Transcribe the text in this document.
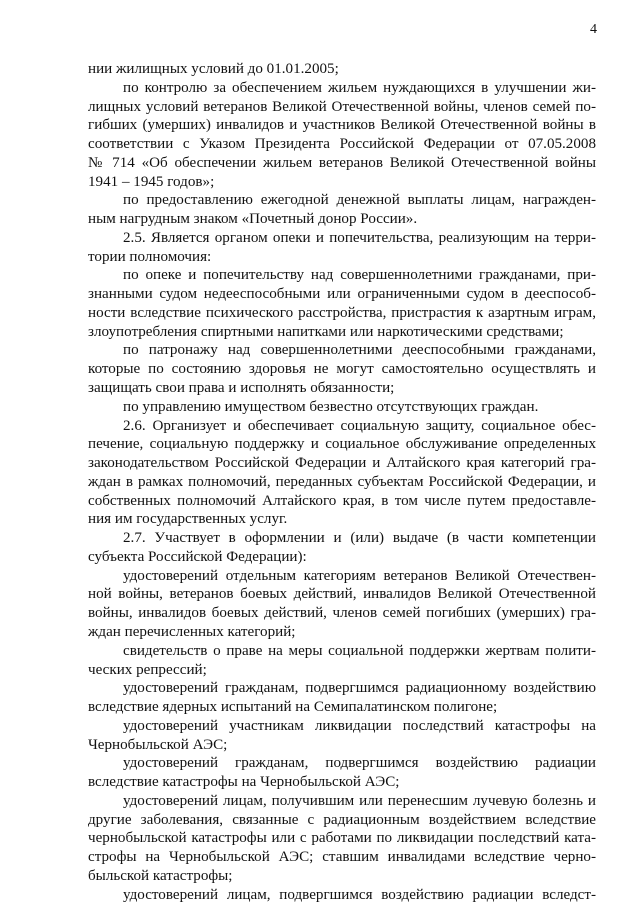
4
нии жилищных условий до 01.01.2005;
по контролю за обеспечением жильем нуждающихся в улучшении жи-
лищных условий ветеранов Великой Отечественной войны, членов семей по-
гибших (умерших) инвалидов и участников Великой Отечественной войны в
соответствии с Указом Президента Российской Федерации от 07.05.2008
№ 714 «Об обеспечении жильем ветеранов Великой Отечественной войны
1941 – 1945 годов»;
по предоставлению ежегодной денежной выплаты лицам, награжден-
ным нагрудным знаком «Почетный донор России».
2.5. Является органом опеки и попечительства, реализующим на терри-
тории полномочия:
по опеке и попечительству над совершеннолетними гражданами, при-
знанными судом недееспособными или ограниченными судом в дееспособ-
ности вследствие психического расстройства, пристрастия к азартным играм,
злоупотребления спиртными напитками или наркотическими средствами;
по патронажу над совершеннолетними дееспособными гражданами,
которые по состоянию здоровья не могут самостоятельно осуществлять и
защищать свои права и исполнять обязанности;
по управлению имуществом безвестно отсутствующих граждан.
2.6. Организует и обеспечивает социальную защиту, социальное обес-
печение, социальную поддержку и социальное обслуживание определенных
законодательством Российской Федерации и Алтайского края категорий гра-
ждан в рамках полномочий, переданных субъектам Российской Федерации, и
собственных полномочий Алтайского края, в том числе путем предоставле-
ния им государственных услуг.
2.7. Участвует в оформлении и (или) выдаче (в части компетенции
субъекта Российской Федерации):
удостоверений отдельным категориям ветеранов Великой Отечествен-
ной войны, ветеранов боевых действий, инвалидов Великой Отечественной
войны, инвалидов боевых действий, членов семей погибших (умерших) гра-
ждан перечисленных категорий;
свидетельств о праве на меры социальной поддержки жертвам полити-
ческих репрессий;
удостоверений гражданам, подвергшимся радиационному воздействию
вследствие ядерных испытаний на Семипалатинском полигоне;
удостоверений участникам ликвидации последствий катастрофы на
Чернобыльской АЭС;
удостоверений гражданам, подвергшимся воздействию радиации
вследствие катастрофы на Чернобыльской АЭС;
удостоверений лицам, получившим или перенесшим лучевую болезнь и
другие заболевания, связанные с радиационным воздействием вследствие
чернобыльской катастрофы или с работами по ликвидации последствий ката-
строфы на Чернобыльской АЭС; ставшим инвалидами вследствие черно-
быльской катастрофы;
удостоверений лицам, подвергшимся воздействию радиации вследст-
